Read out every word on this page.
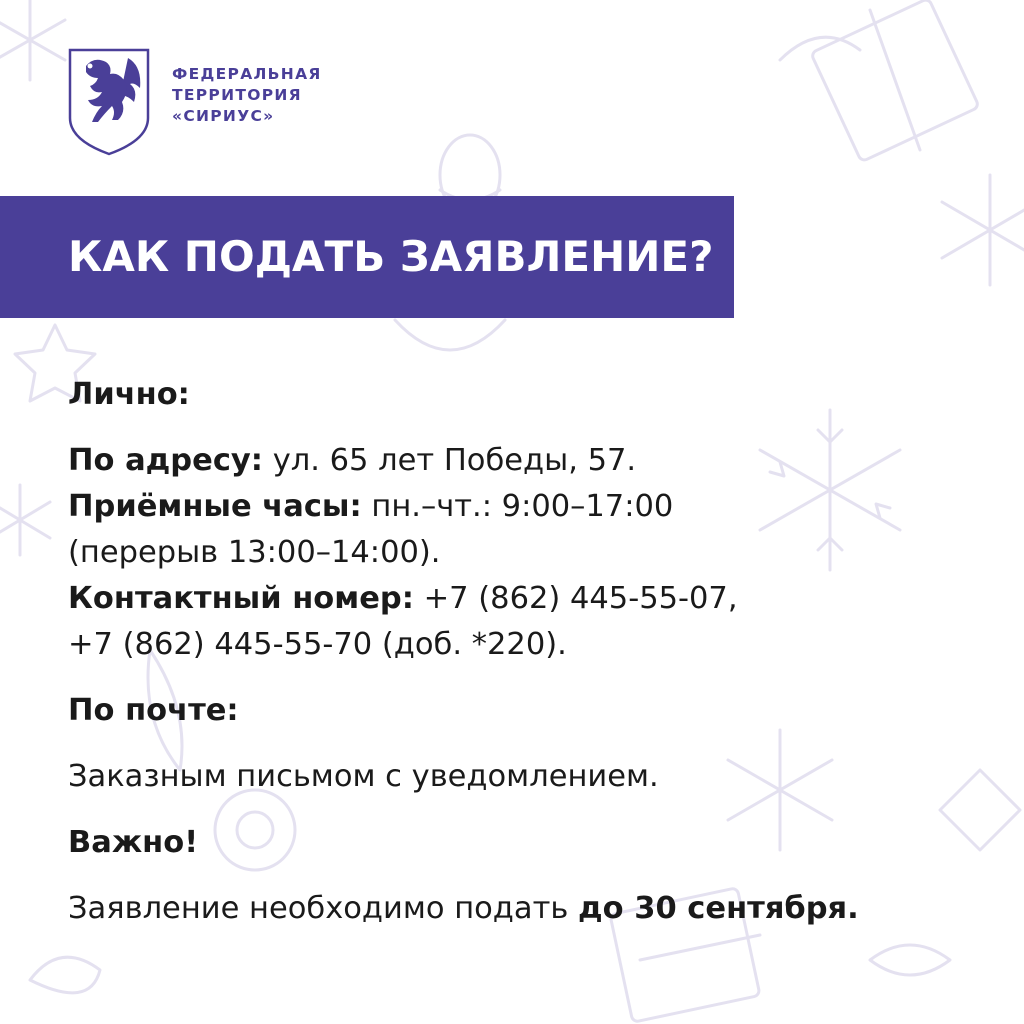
ФЕДЕРАЛЬНАЯ
ТЕРРИТОРИЯ
«СИРИУС»
КАК ПОДАТЬ ЗАЯВЛЕНИЕ?
Лично:
По адресу: ул. 65 лет Победы, 57.
Приёмные часы: пн.–чт.: 9:00–17:00
(перерыв 13:00–14:00).
Контактный номер: +7 (862) 445-55-07,
+7 (862) 445-55-70 (доб. *220).
По почте:
Заказным письмом с уведомлением.
Важно!
Заявление необходимо подать до 30 сентября.
